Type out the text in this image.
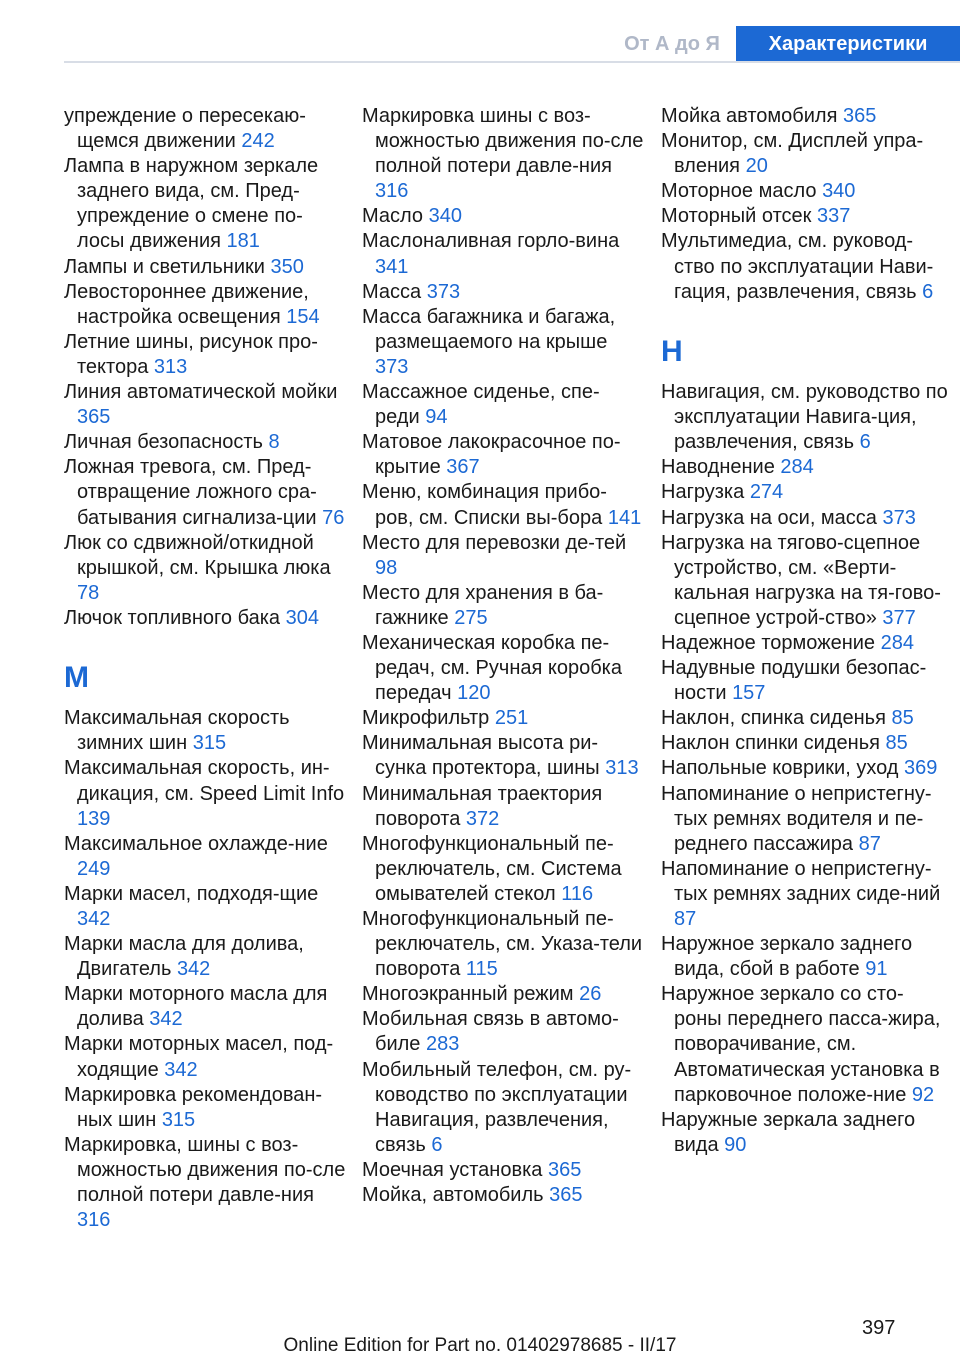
От А до Я	Характеристики
упреждение о пересекаю-щемся движении 242
Лампа в наружном зеркале заднего вида, см. Пред-упреждение о смене по-лосы движения 181
Лампы и светильники 350
Левостороннее движение, настройка освещения 154
Летние шины, рисунок про-тектора 313
Линия автоматической мойки 365
Личная безопасность 8
Ложная тревога, см. Пред-отвращение ложного сра-батывания сигнализа-ции 76
Люк со сдвижной/откидной крышкой, см. Крышка люка 78
Лючок топливного бака 304
М
Максимальная скорость зимних шин 315
Максимальная скорость, ин-дикация, см. Speed Limit Info 139
Максимальное охлажде-ние 249
Марки масел, подходя-щие 342
Марки масла для долива, Двигатель 342
Марки моторного масла для долива 342
Марки моторных масел, под-ходящие 342
Маркировка рекомендован-ных шин 315
Маркировка, шины с воз-можностью движения по-сле полной потери давле-ния 316
Маркировка шины с воз-можностью движения по-сле полной потери давле-ния 316
Масло 340
Маслоналивная горло-вина 341
Масса 373
Масса багажника и багажа, размещаемого на крыше 373
Массажное сиденье, спе-реди 94
Матовое лакокрасочное по-крытие 367
Меню, комбинация прибо-ров, см. Списки вы-бора 141
Место для перевозки де-тей 98
Место для хранения в ба-гажнике 275
Механическая коробка пе-редач, см. Ручная коробка передач 120
Микрофильтр 251
Минимальная высота ри-сунка протектора, шины 313
Минимальная траектория поворота 372
Многофункциональный пе-реключатель, см. Система омывателей стекол 116
Многофункциональный пе-реключатель, см. Указа-тели поворота 115
Многоэкранный режим 26
Мобильная связь в автомо-биле 283
Мобильный телефон, см. ру-ководство по эксплуатации Навигация, развлечения, связь 6
Моечная установка 365
Мойка, автомобиль 365
Мойка автомобиля 365
Монитор, см. Дисплей упра-вления 20
Моторное масло 340
Моторный отсек 337
Мультимедиа, см. руковод-ство по эксплуатации Нави-гация, развлечения, связь 6
Н
Навигация, см. руководство по эксплуатации Навига-ция, развлечения, связь 6
Наводнение 284
Нагрузка 274
Нагрузка на оси, масса 373
Нагрузка на тягово-сцепное устройство, см. «Верти-кальная нагрузка на тя-гово-сцепное устрой-ство» 377
Надежное торможение 284
Надувные подушки безопас-ности 157
Наклон, спинка сиденья 85
Наклон спинки сиденья 85
Напольные коврики, уход 369
Напоминание о непристегну-тых ремнях водителя и пе-реднего пассажира 87
Напоминание о непристегну-тых ремнях задних сиде-ний 87
Наружное зеркало заднего вида, сбой в работе 91
Наружное зеркало со сто-роны переднего пасса-жира, поворачивание, см. Автоматическая установка в парковочное положе-ние 92
Наружные зеркала заднего вида 90
397
Online Edition for Part no. 01402978685 - II/17
